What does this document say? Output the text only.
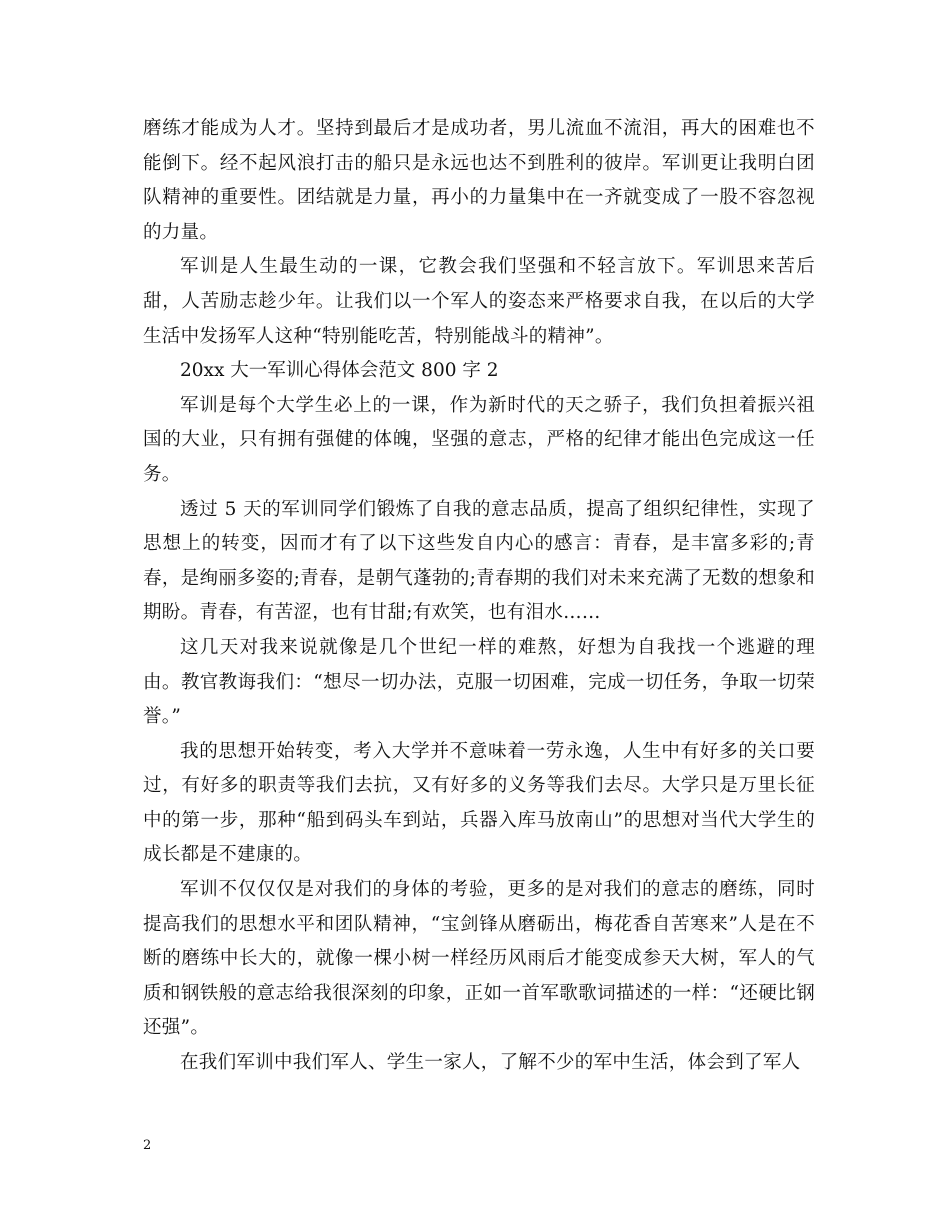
磨练才能成为人才。坚持到最后才是成功者，男儿流血不流泪，再大的困难也不能倒下。经不起风浪打击的船只是永远也达不到胜利的彼岸。军训更让我明白团队精神的重要性。团结就是力量，再小的力量集中在一齐就变成了一股不容忽视的力量。

军训是人生最生动的一课，它教会我们坚强和不轻言放下。军训思来苦后甜，人苦励志趁少年。让我们以一个军人的姿态来严格要求自我，在以后的大学生活中发扬军人这种“特别能吃苦，特别能战斗的精神”。

20xx 大一军训心得体会范文 800 字 2

军训是每个大学生必上的一课，作为新时代的天之骄子，我们负担着振兴祖国的大业，只有拥有强健的体魄，坚强的意志，严格的纪律才能出色完成这一任务。

透过 5 天的军训同学们锻炼了自我的意志品质，提高了组织纪律性，实现了思想上的转变，因而才有了以下这些发自内心的感言：青春，是丰富多彩的;青春，是绚丽多姿的;青春，是朝气蓬勃的;青春期的我们对未来充满了无数的想象和期盼。青春，有苦涩，也有甘甜;有欢笑，也有泪水……

这几天对我来说就像是几个世纪一样的难熬，好想为自我找一个逃避的理由。教官教诲我们：“想尽一切办法，克服一切困难，完成一切任务，争取一切荣誉。”

我的思想开始转变，考入大学并不意味着一劳永逸，人生中有好多的关口要过，有好多的职责等我们去抗，又有好多的义务等我们去尽。大学只是万里长征中的第一步，那种“船到码头车到站，兵器入库马放南山”的思想对当代大学生的成长都是不建康的。

军训不仅仅仅是对我们的身体的考验，更多的是对我们的意志的磨练，同时提高我们的思想水平和团队精神，“宝剑锋从磨砺出，梅花香自苦寒来”人是在不断的磨练中长大的，就像一棵小树一样经历风雨后才能变成参天大树，军人的气质和钢铁般的意志给我很深刻的印象，正如一首军歌歌词描述的一样：“还硬比钢还强”。

在我们军训中我们军人、学生一家人，了解不少的军中生活，体会到了军人

2
